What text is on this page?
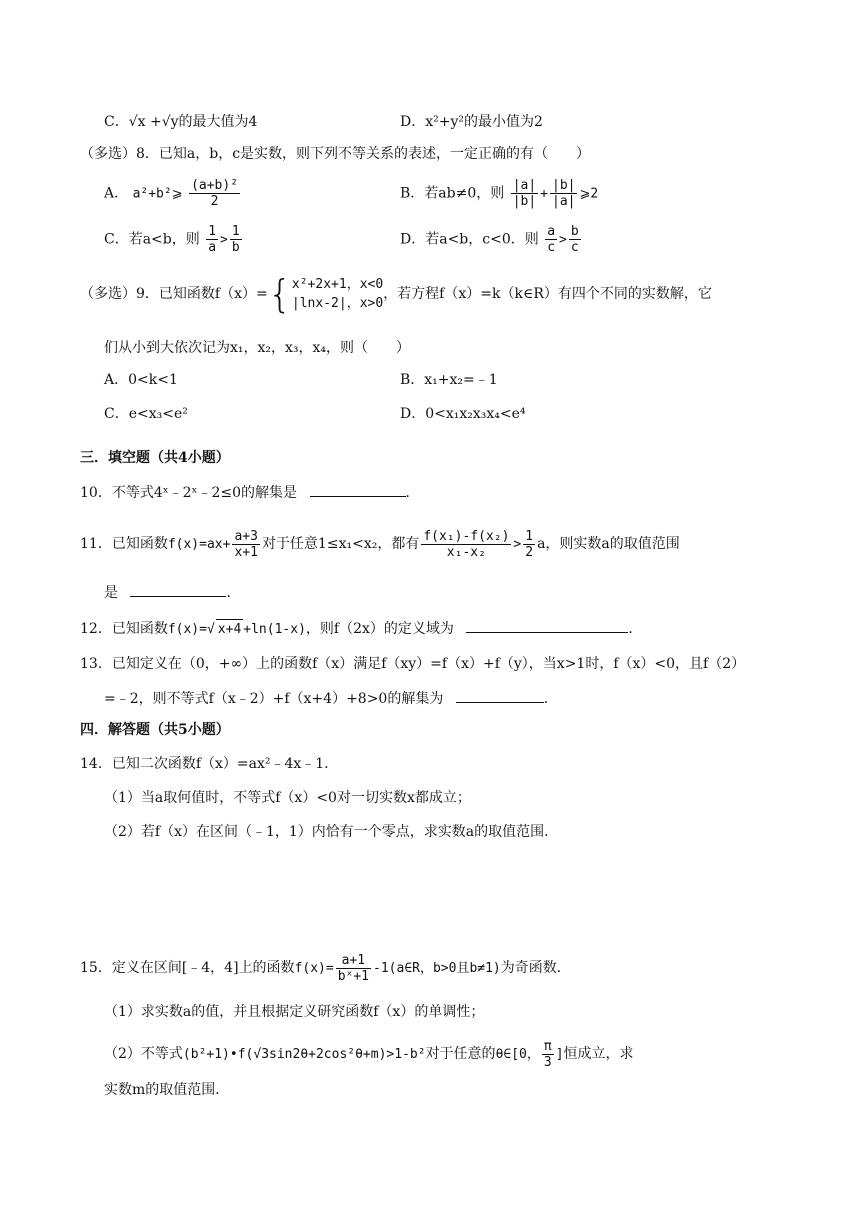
C．√x +√y的最大值为4	D．x²+y²的最小值为2
（多选）8．已知a，b，c是实数，则下列不等关系的表述，一定正确的有（　　）
A． a²+b²⩾ $\frac{\text{(a+b)²}}{2}$	B．若ab≠0，则 $\frac{|a|}{|b|} + \frac{|b|}{|a|}$ ⩾2
C．若a<b，则 $\frac{1}{a} > \frac{1}{b}$	D．若a<b，c<0．则 $\frac{a}{c} > \frac{b}{c}$
（多选）9．已知函数f（x）={ x²+2x+1，x<0
|lnx-2|，x>0
，若方程f（x）=k（k∈R）有四个不同的实数解，它
们从小到大依次记为x₁，x₂，x₃，x₄，则（　　）
A．0<k<1	B．x₁+x₂=﹣1
C．e<x₃<e²	D．0<x₁x₂x₃x₄<e⁴
三．填空题（共4小题）
10．不等式4ˣ﹣2ˣ﹣2≤0的解集是	．
11．已知函数$f(x)=ax+ \frac{a+3}{x+1}$ 对于任意1≤x₁<x₂，都有 $\frac{\text{f(x₁)-f(x₂)}}{\text{x₁-x₂}} > \frac{1}{2}$ a，则实数a的取值范围
是	．
12．已知函数f(x)=√ x+4 +ln(1-x)，则f（2x）的定义域为	．
13．已知定义在（0，+∞）上的函数f（x）满足f（xy）=f（x）+f（y），当x>1时，f（x）<0，且f（2）
=﹣2，则不等式f（x﹣2）+f（x+4）+8>0的解集为	．
四．解答题（共5小题）
14．已知二次函数f（x）=ax²﹣4x﹣1．
（1）当a取何值时，不等式f（x）<0对一切实数x都成立；
（2）若f（x）在区间（﹣1，1）内恰有一个零点，求实数a的取值范围．
15．定义在区间[﹣4，4]上的函数$f(x)= \frac{a+1}{\text{bˣ+1}}$ -1(a∈R，b>0且b≠1)为奇函数．
（1）求实数a的值，并且根据定义研究函数f（x）的单调性；
（2）不等式(b²+1)•f(√3sin2θ+2cos²θ+m)>1-b²对于任意的θ∈[0， $\frac{\pi}{3}$ ]恒成立，求
实数m的取值范围．
